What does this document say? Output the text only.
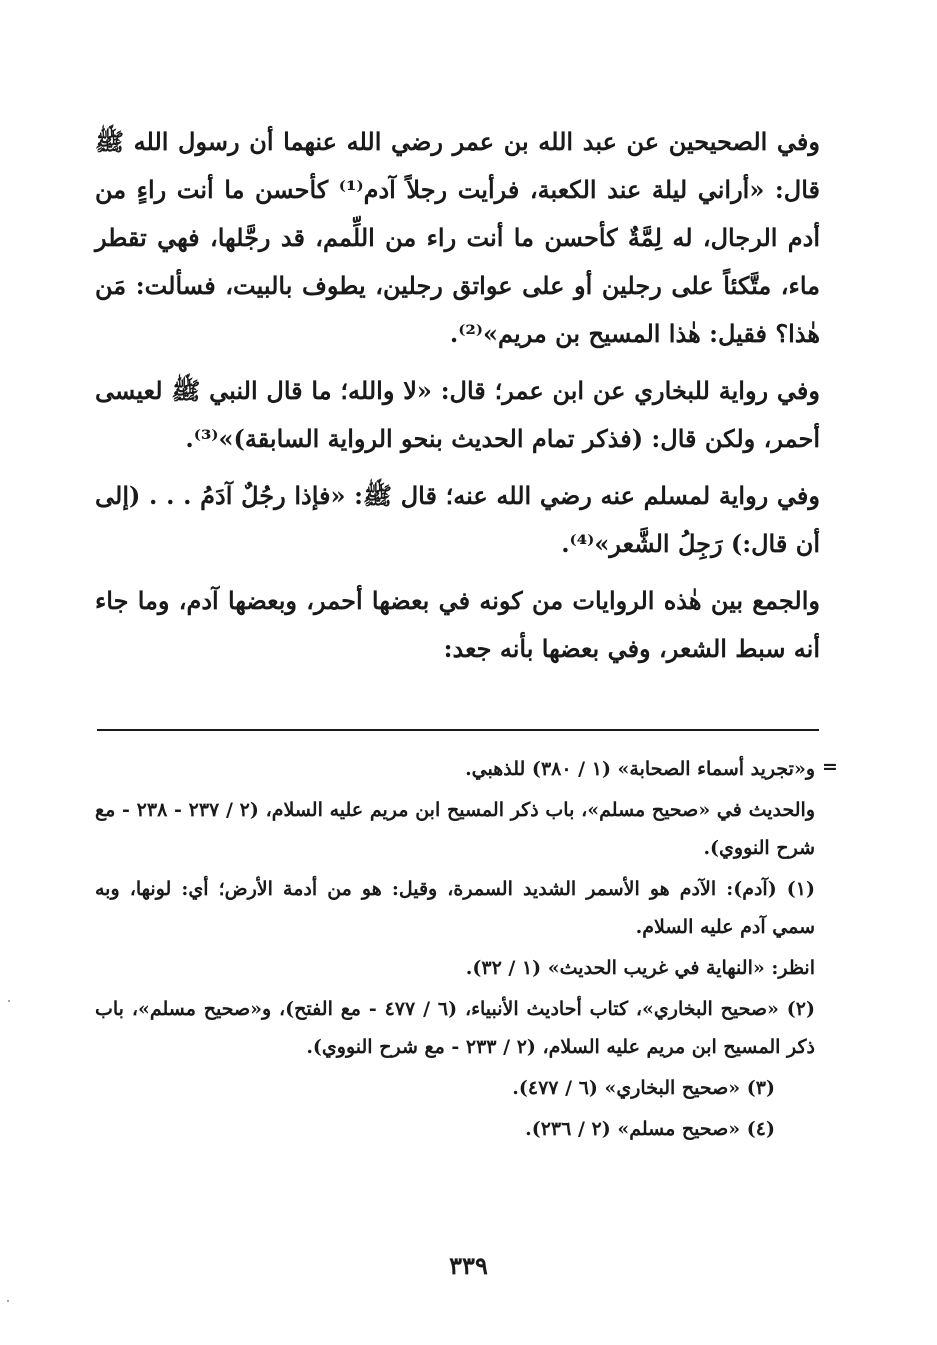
وفي الصحيحين عن عبد الله بن عمر رضي الله عنهما أن رسول الله ﷺ قال: «أراني ليلة عند الكعبة، فرأيت رجلاً آدم⁽¹⁾ كأحسن ما أنت راءٍ من أدم الرجال، له لِمَّةٌ كأحسن ما أنت راء من اللِّمم، قد رجَّلها، فهي تقطر ماء، متَّكئاً على رجلين أو على عواتق رجلين، يطوف بالبيت، فسألت: مَن هٰذا؟ فقيل: هٰذا المسيح بن مريم»⁽²⁾.

وفي رواية للبخاري عن ابن عمر؛ قال: «لا والله؛ ما قال النبي ﷺ لعيسى أحمر، ولكن قال: (فذكر تمام الحديث بنحو الرواية السابقة)»⁽³⁾.

وفي رواية لمسلم عنه رضي الله عنه؛ قال ﷺ: «فإذا رجُلٌ آدَمُ . . . (إلى أن قال:) رَجِلُ الشَّعر»⁽⁴⁾.

والجمع بين هٰذه الروايات من كونه في بعضها أحمر، وبعضها آدم، وما جاء أنه سبط الشعر، وفي بعضها بأنه جعد:

=

و«تجريد أسماء الصحابة» (١ / ٣٨٠) للذهبي.

والحديث في «صحيح مسلم»، باب ذكر المسيح ابن مريم عليه السلام، (٢ / ٢٣٧ - ٢٣٨ - مع شرح النووي).

(١) (آدم): الآدم هو الأسمر الشديد السمرة، وقيل: هو من أدمة الأرض؛ أي: لونها، وبه سمي آدم عليه السلام.

انظر: «النهاية في غريب الحديث» (١ / ٣٢).

(٢) «صحيح البخاري»، كتاب أحاديث الأنبياء، (٦ / ٤٧٧ - مع الفتح)، و«صحيح مسلم»، باب ذكر المسيح ابن مريم عليه السلام، (٢ / ٢٣٣ - مع شرح النووي).

(٣) «صحيح البخاري» (٦ / ٤٧٧).

(٤) «صحيح مسلم» (٢ / ٢٣٦).

٣٣٩
